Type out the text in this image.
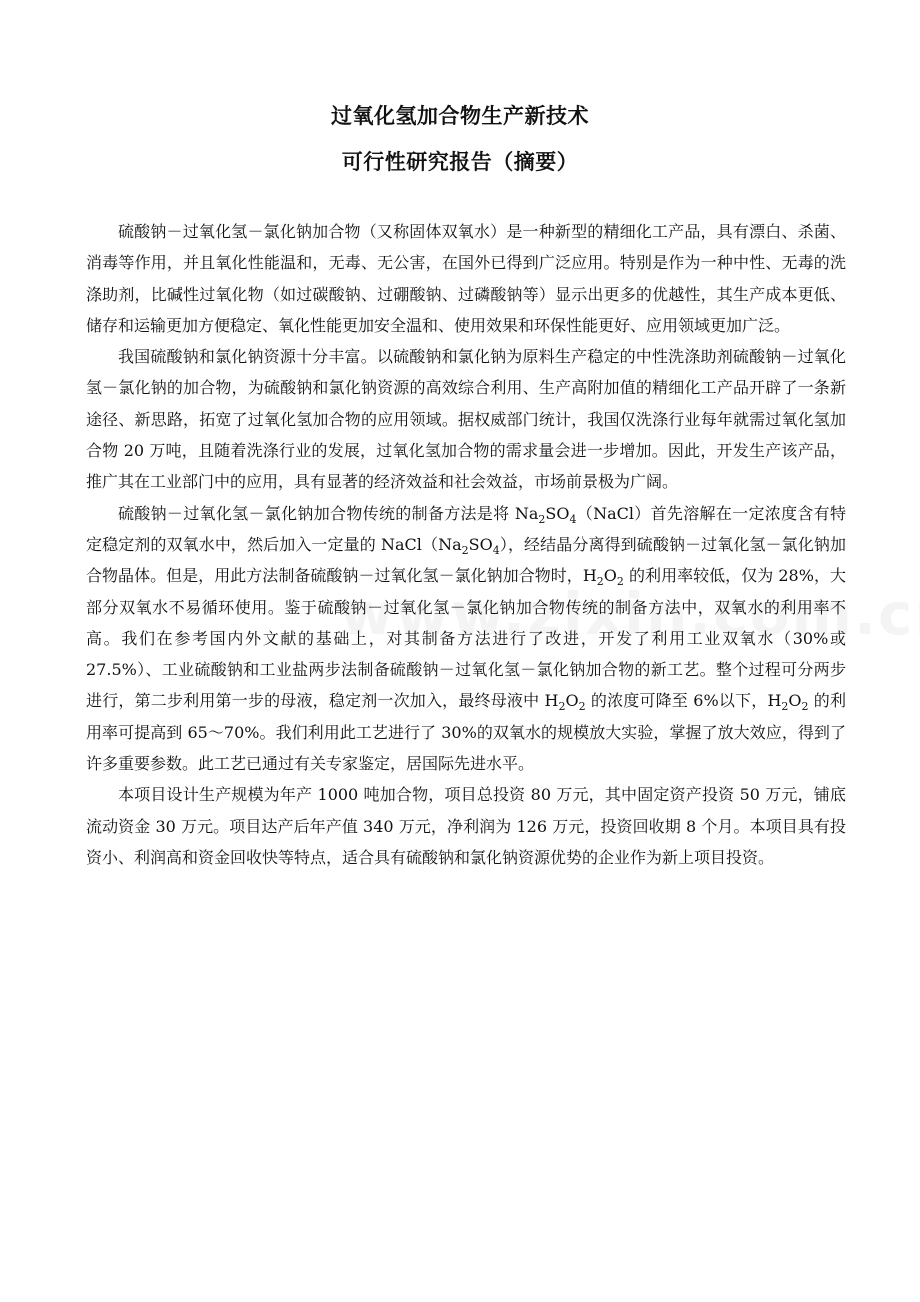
过氧化氢加合物生产新技术
可行性研究报告（摘要）

硫酸钠－过氧化氢－氯化钠加合物（又称固体双氧水）是一种新型的精细化工产品，具有漂白、杀菌、消毒等作用，并且氧化性能温和，无毒、无公害，在国外已得到广泛应用。特别是作为一种中性、无毒的洗涤助剂，比碱性过氧化物（如过碳酸钠、过硼酸钠、过磷酸钠等）显示出更多的优越性，其生产成本更低、储存和运输更加方便稳定、氧化性能更加安全温和、使用效果和环保性能更好、应用领域更加广泛。

我国硫酸钠和氯化钠资源十分丰富。以硫酸钠和氯化钠为原料生产稳定的中性洗涤助剂硫酸钠－过氧化氢－氯化钠的加合物，为硫酸钠和氯化钠资源的高效综合利用、生产高附加值的精细化工产品开辟了一条新途径、新思路，拓宽了过氧化氢加合物的应用领域。据权威部门统计，我国仅洗涤行业每年就需过氧化氢加合物 20 万吨，且随着洗涤行业的发展，过氧化氢加合物的需求量会进一步增加。因此，开发生产该产品，推广其在工业部门中的应用，具有显著的经济效益和社会效益，市场前景极为广阔。

硫酸钠－过氧化氢－氯化钠加合物传统的制备方法是将 $Na_2SO_4(NaCl)$首先溶解在一定浓度含有特定稳定剂的双氧水中，然后加入一定量的 $NaCl(Na_2SO_4)$，经结晶分离得到硫酸钠－过氧化氢－氯化钠加合物晶体。但是，用此方法制备硫酸钠－过氧化氢－氯化钠加合物时，$H_2O_2$ 的利用率较低，仅为 28%，大部分双氧水不易循环使用。鉴于硫酸钠－过氧化氢－氯化钠加合物传统的制备方法中，双氧水的利用率不高。我们在参考国内外文献的基础上，对其制备方法进行了改进，开发了利用工业双氧水（30%或 27.5%）、工业硫酸钠和工业盐两步法制备硫酸钠－过氧化氢－氯化钠加合物的新工艺。整个过程可分两步进行，第二步利用第一步的母液，稳定剂一次加入，最终母液中 $H_2O_2$ 的浓度可降至 6%以下，$H_2O_2$ 的利用率可提高到 65～70%。我们利用此工艺进行了 30%的双氧水的规模放大实验，掌握了放大效应，得到了许多重要参数。此工艺已通过有关专家鉴定，居国际先进水平。

本项目设计生产规模为年产 1000 吨加合物，项目总投资 80 万元，其中固定资产投资 50 万元，铺底流动资金 30 万元。项目达产后年产值 340 万元，净利润为 126 万元，投资回收期 8 个月。本项目具有投资小、利润高和资金回收快等特点，适合具有硫酸钠和氯化钠资源优势的企业作为新上项目投资。
